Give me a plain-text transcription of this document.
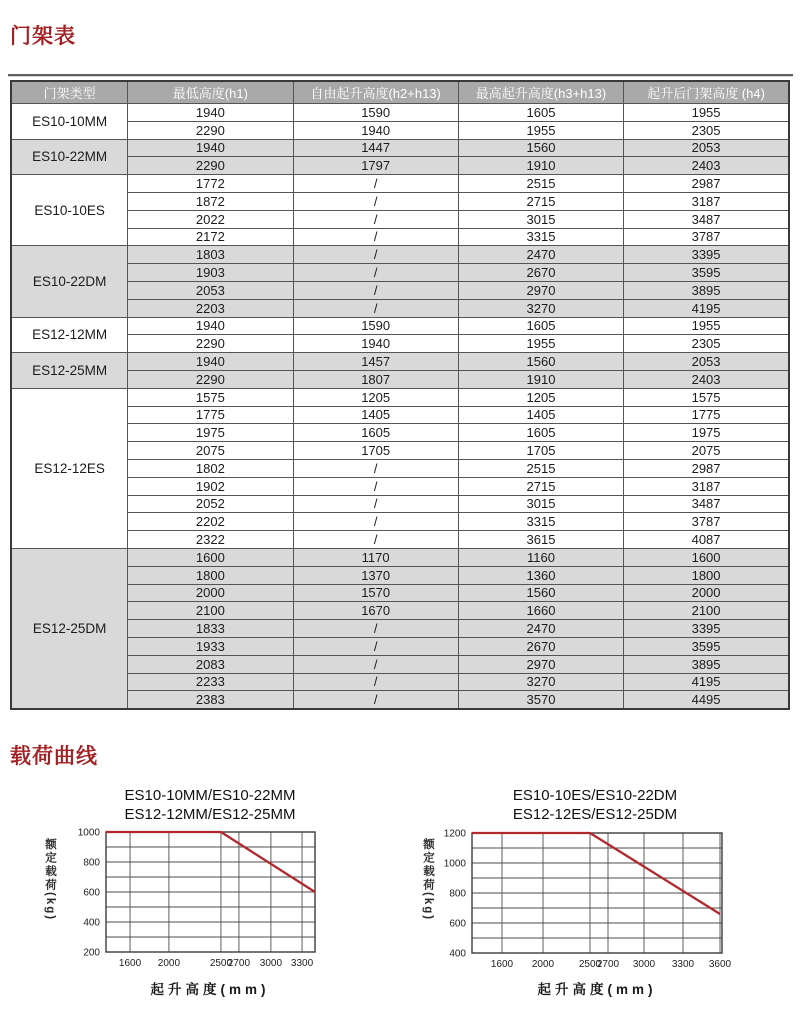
门架表
门架类型	最低高度(h1)	自由起升高度(h2+h13)	最高起升高度(h3+h13)	起升后门架高度 (h4)
ES10-10MM	1940	1590	1605	1955
	2290	1940	1955	2305
ES10-22MM	1940	1447	1560	2053
	2290	1797	1910	2403
ES10-10ES	1772	/	2515	2987
	1872	/	2715	3187
	2022	/	3015	3487
	2172	/	3315	3787
ES10-22DM	1803	/	2470	3395
	1903	/	2670	3595
	2053	/	2970	3895
	2203	/	3270	4195
ES12-12MM	1940	1590	1605	1955
	2290	1940	1955	2305
ES12-25MM	1940	1457	1560	2053
	2290	1807	1910	2403
ES12-12ES	1575	1205	1205	1575
	1775	1405	1405	1775
	1975	1605	1605	1975
	2075	1705	1705	2075
	1802	/	2515	2987
	1902	/	2715	3187
	2052	/	3015	3487
	2202	/	3315	3787
	2322	/	3615	4087
ES12-25DM	1600	1170	1160	1600
	1800	1370	1360	1800
	2000	1570	1560	2000
	2100	1670	1660	2100
	1833	/	2470	3395
	1933	/	2670	3595
	2083	/	2970	3895
	2233	/	3270	4195
	2383	/	3570	4495
载荷曲线
ES10-10MM/ES10-22MM
ES12-12MM/ES12-25MM
ES10-10ES/ES10-22DM
ES12-12ES/ES12-25DM
额定载荷(kg)	额定载荷(kg)
1000
800
600
400
200
1600 2000	2500
2700 3000 3300
1200
1000
800
600
400
1600 2000 2500
2700 3000 3300 3600
起升高度(mm)	起升高度(mm)
